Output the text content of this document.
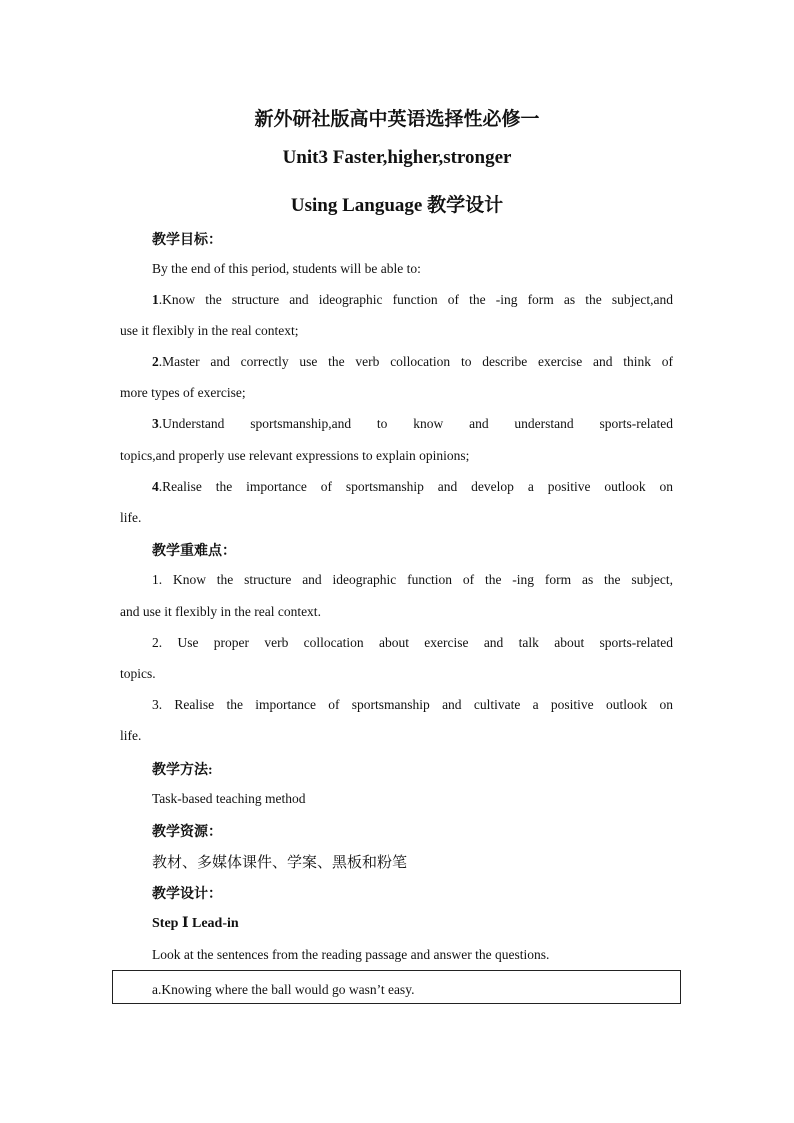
新外研社版高中英语选择性必修一
Unit3 Faster,higher,stronger
Using Language 教学设计
教学目标：
By the end of this period, students will be able to:
1.Know the structure and ideographic function of the -ing form as the subject,and
use it flexibly in the real context;
2.Master and correctly use the verb collocation to describe exercise and think of
more types of exercise;
3.Understand sportsmanship,and to know and understand sports-related
topics,and properly use relevant expressions to explain opinions;
4.Realise the importance of sportsmanship and develop a positive outlook on
life.
教学重难点：
1. Know the structure and ideographic function of the -ing form as the subject,
and use it flexibly in the real context.
2. Use proper verb collocation about exercise and talk about sports-related
topics.
3. Realise the importance of sportsmanship and cultivate a positive outlook on
life.
教学方法:
Task-based teaching method
教学资源：
教材、多媒体课件、学案、黑板和粉笔
教学设计：
Step Ⅰ Lead-in
Look at the sentences from the reading passage and answer the questions.
a.Knowing where the ball would go wasn’t easy.
